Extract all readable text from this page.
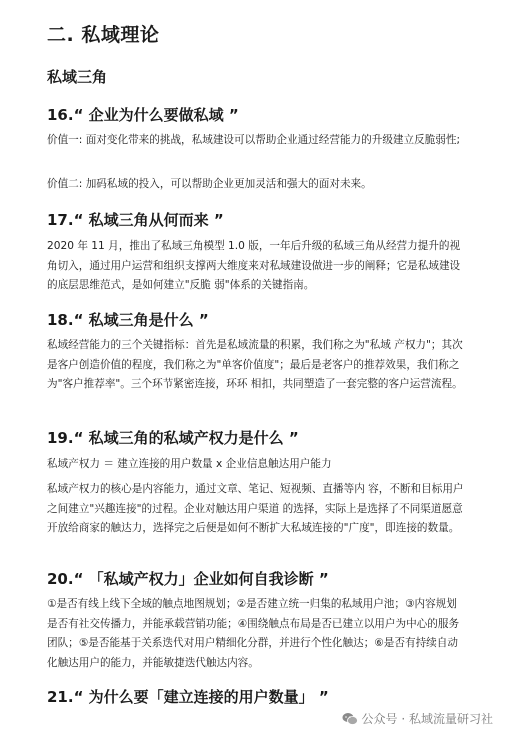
二. 私域理论
私域三角
16.“ 企业为什么要做私域 ”
价值一: 面对变化带来的挑战，私域建设可以帮助企业通过经营能力的升级建立反脆弱性;
价值二: 加码私域的投入，可以帮助企业更加灵活和强大的面对未来。
17.“ 私域三角从何而来 ”
2020 年 11 月，推出了私域三角模型 1.0 版，一年后升级的私域三角从经营力提升的视角切入，通过用户运营和组织支撑两大维度来对私域建设做进一步的阐释；它是私域建设的底层思维范式，是如何建立"反脆 弱"体系的关键指南。
18.“ 私域三角是什么 ”
私域经营能力的三个关键指标：首先是私域流量的积累，我们称之为"私域 产权力"；其次是客户创造价值的程度，我们称之为"单客价值度"；最后是老客户的推荐效果，我们称之为"客户推荐率"。三个环节紧密连接，环环 相扣，共同塑造了一套完整的客户运营流程。
19.“ 私域三角的私域产权力是什么 ”
私域产权力 ＝ 建立连接的用户数量 x 企业信息触达用户能力
私域产权力的核心是内容能力，通过文章、笔记、短视频、直播等内 容，不断和目标用户之间建立"兴趣连接"的过程。企业对触达用户渠道 的选择，实际上是选择了不同渠道愿意开放给商家的触达力，选择完之后便是如何不断扩大私域连接的"广度"，即连接的数量。
20.“ 「私域产权力」企业如何自我诊断 ”
①是否有线上线下全域的触点地图规划；②是否建立统一归集的私域用户池；③内容规划是否有社交传播力，并能承载营销功能；④围绕触点布局是否已建立以用户为中心的服务团队；⑤是否能基于关系迭代对用户精细化分群，并进行个性化触达；⑥是否有持续自动化触达用户的能力，并能敏捷迭代触达内容。
21.“ 为什么要「建立连接的用户数量」 ”
公众号 · 私域流量研习社
